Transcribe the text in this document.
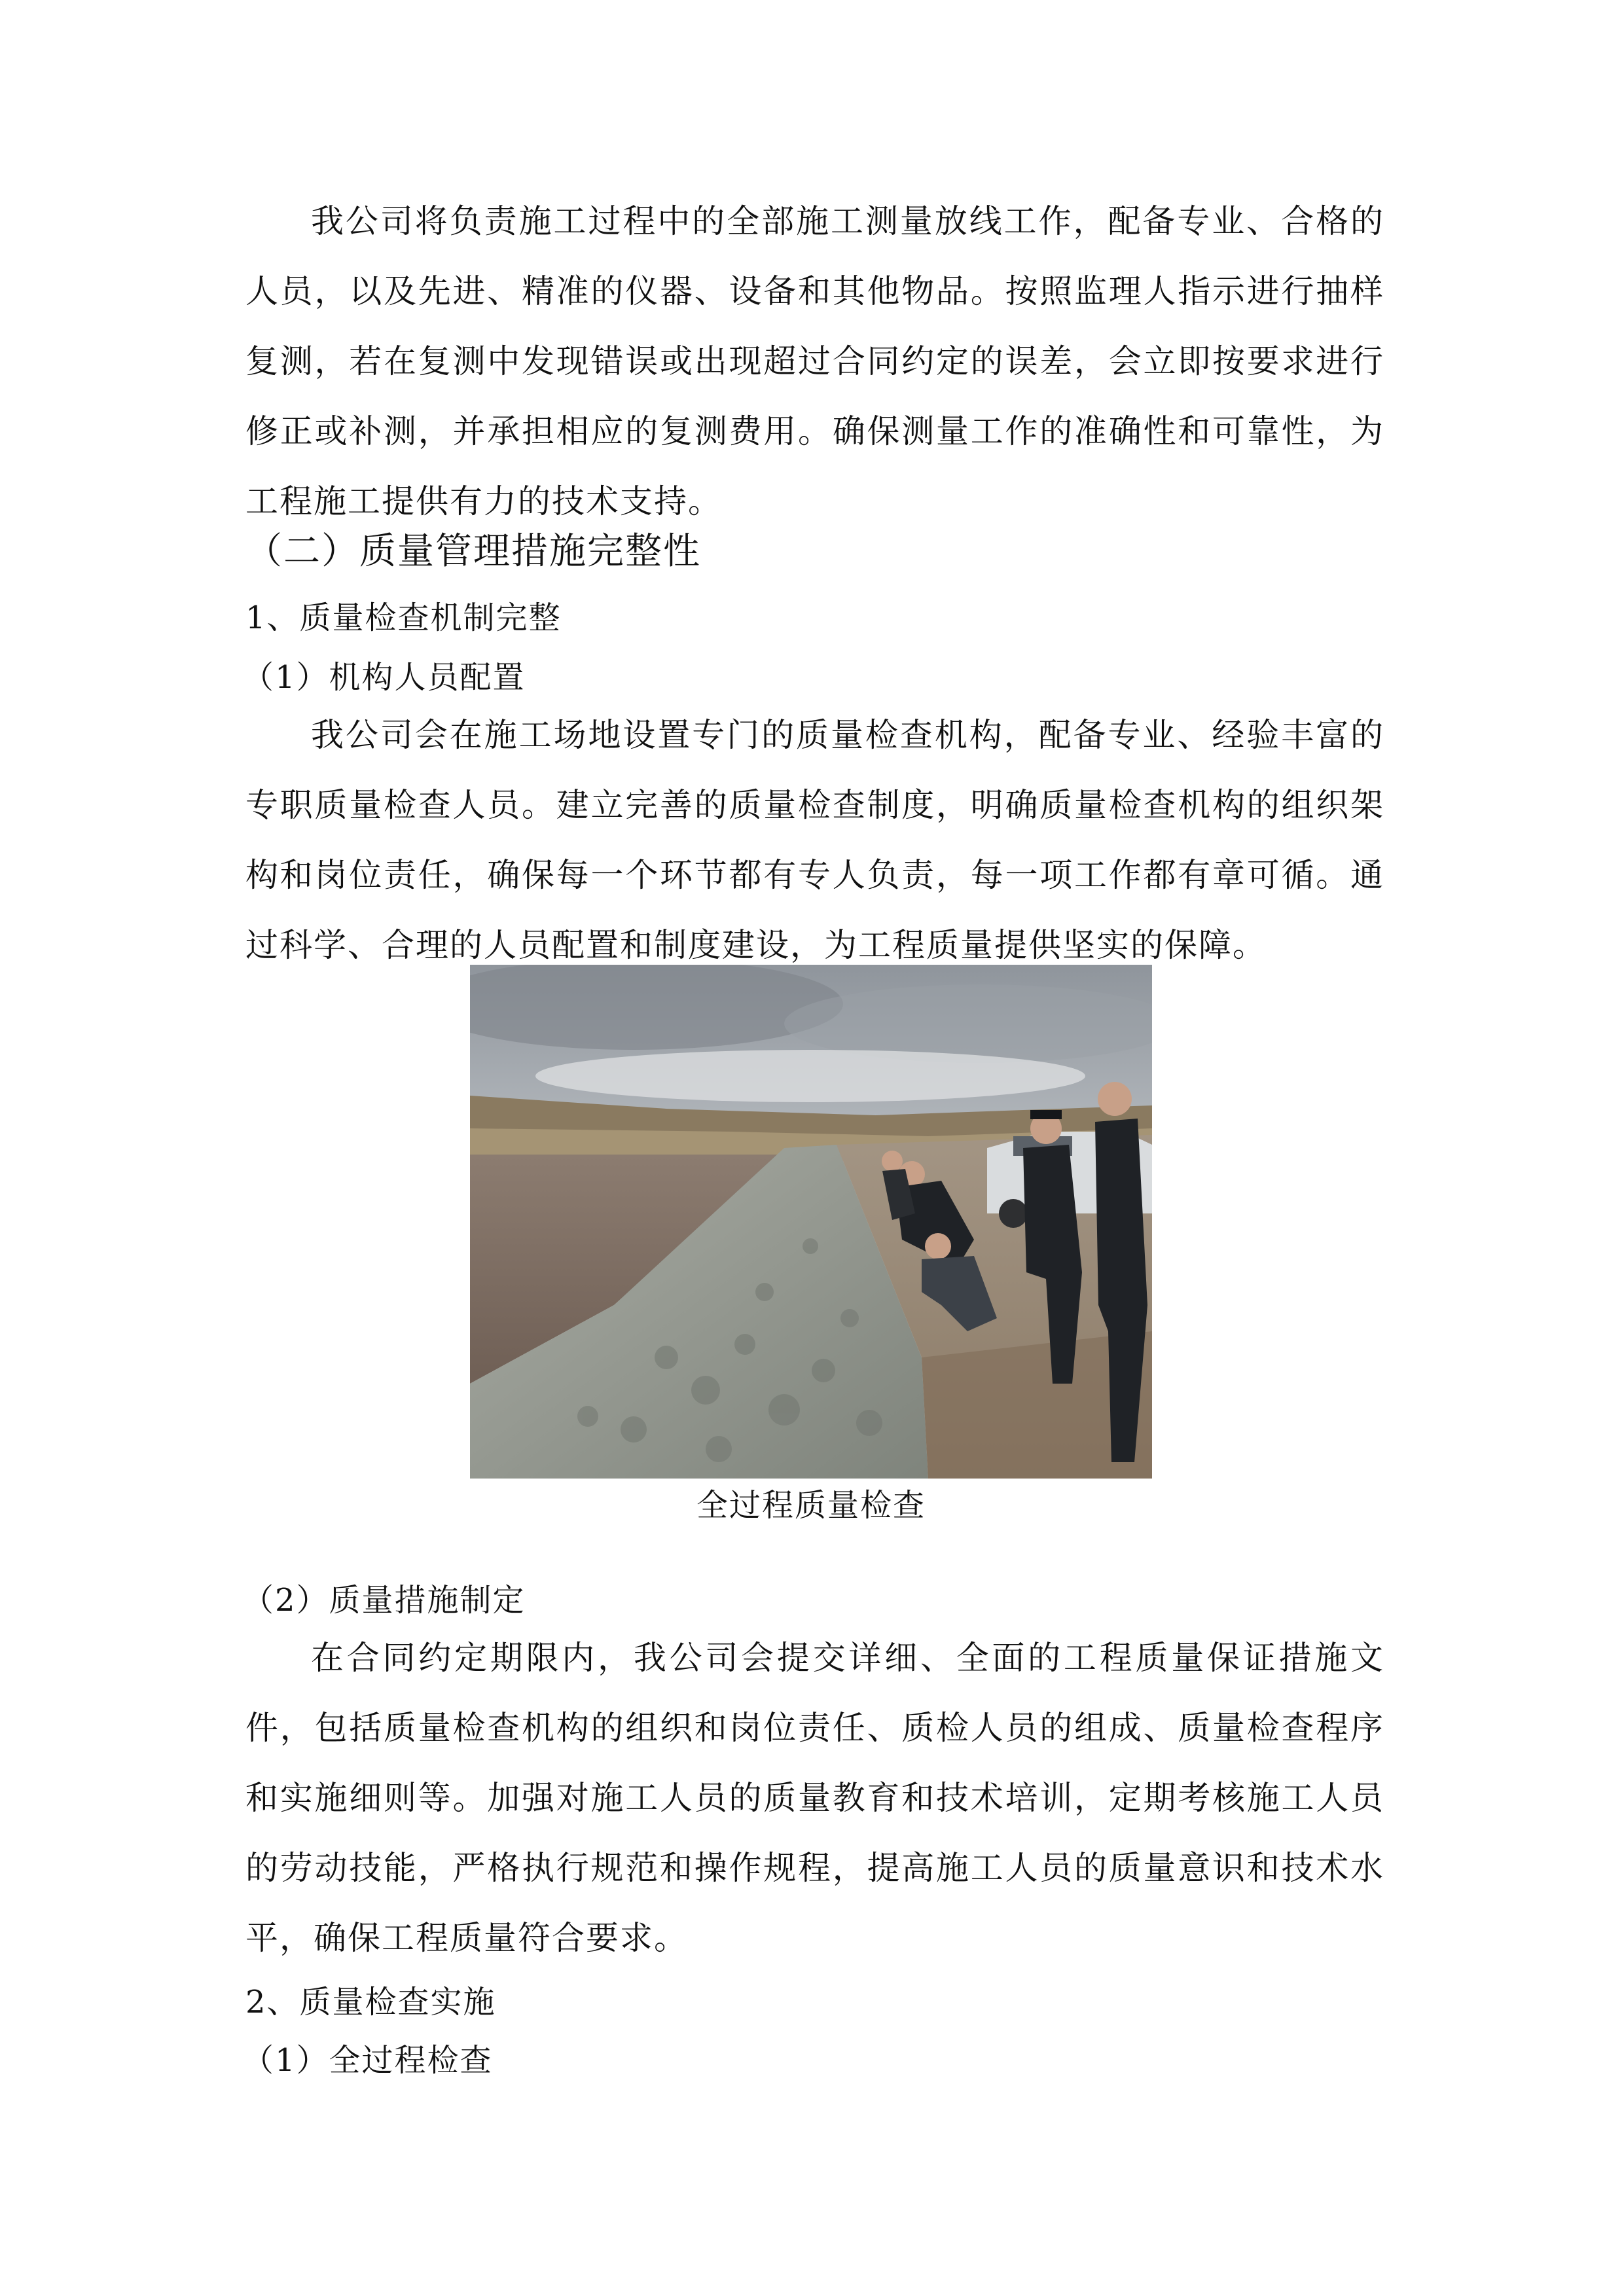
我公司将负责施工过程中的全部施工测量放线工作，配备专业、合格的人员，以及先进、精准的仪器、设备和其他物品。按照监理人指示进行抽样复测，若在复测中发现错误或出现超过合同约定的误差，会立即按要求进行修正或补测，并承担相应的复测费用。确保测量工作的准确性和可靠性，为工程施工提供有力的技术支持。

（二）质量管理措施完整性
1、质量检查机制完整
（1）机构人员配置

我公司会在施工场地设置专门的质量检查机构，配备专业、经验丰富的专职质量检查人员。建立完善的质量检查制度，明确质量检查机构的组织架构和岗位责任，确保每一个环节都有专人负责，每一项工作都有章可循。通过科学、合理的人员配置和制度建设，为工程质量提供坚实的保障。

全过程质量检查
（2）质量措施制定

在合同约定期限内，我公司会提交详细、全面的工程质量保证措施文件，包括质量检查机构的组织和岗位责任、质检人员的组成、质量检查程序和实施细则等。加强对施工人员的质量教育和技术培训，定期考核施工人员的劳动技能，严格执行规范和操作规程，提高施工人员的质量意识和技术水平，确保工程质量符合要求。

2、质量检查实施
（1）全过程检查
